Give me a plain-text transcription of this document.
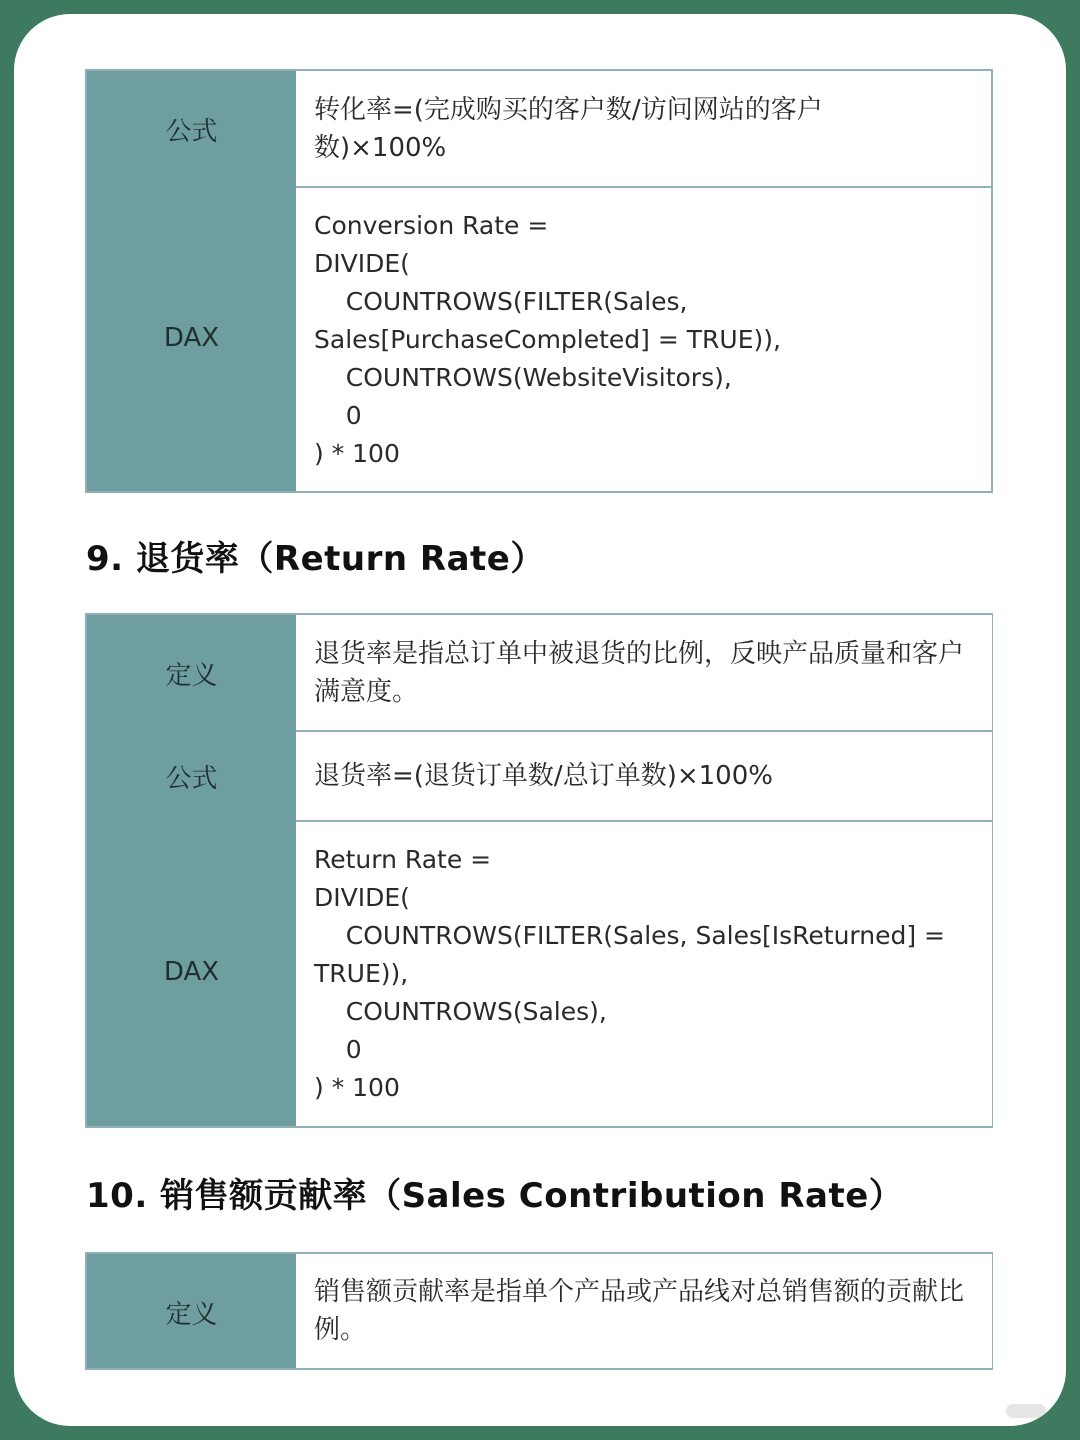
公式
DAX
转化率=(完成购买的客户数/访问网站的客户数)×100%
Conversion Rate =
DIVIDE(
COUNTROWS(FILTER(Sales,
Sales[PurchaseCompleted] = TRUE)),
COUNTROWS(WebsiteVisitors),
0
) * 100
9. 退货率（Return Rate）
定义
公式
DAX
退货率是指总订单中被退货的比例，反映产品质量和客户满意度。
退货率=(退货订单数/总订单数)×100%
Return Rate =
DIVIDE(
COUNTROWS(FILTER(Sales, Sales[IsReturned] =
TRUE)),
COUNTROWS(Sales),
0
) * 100
10. 销售额贡献率（Sales Contribution Rate）
定义
销售额贡献率是指单个产品或产品线对总销售额的贡献比例。
